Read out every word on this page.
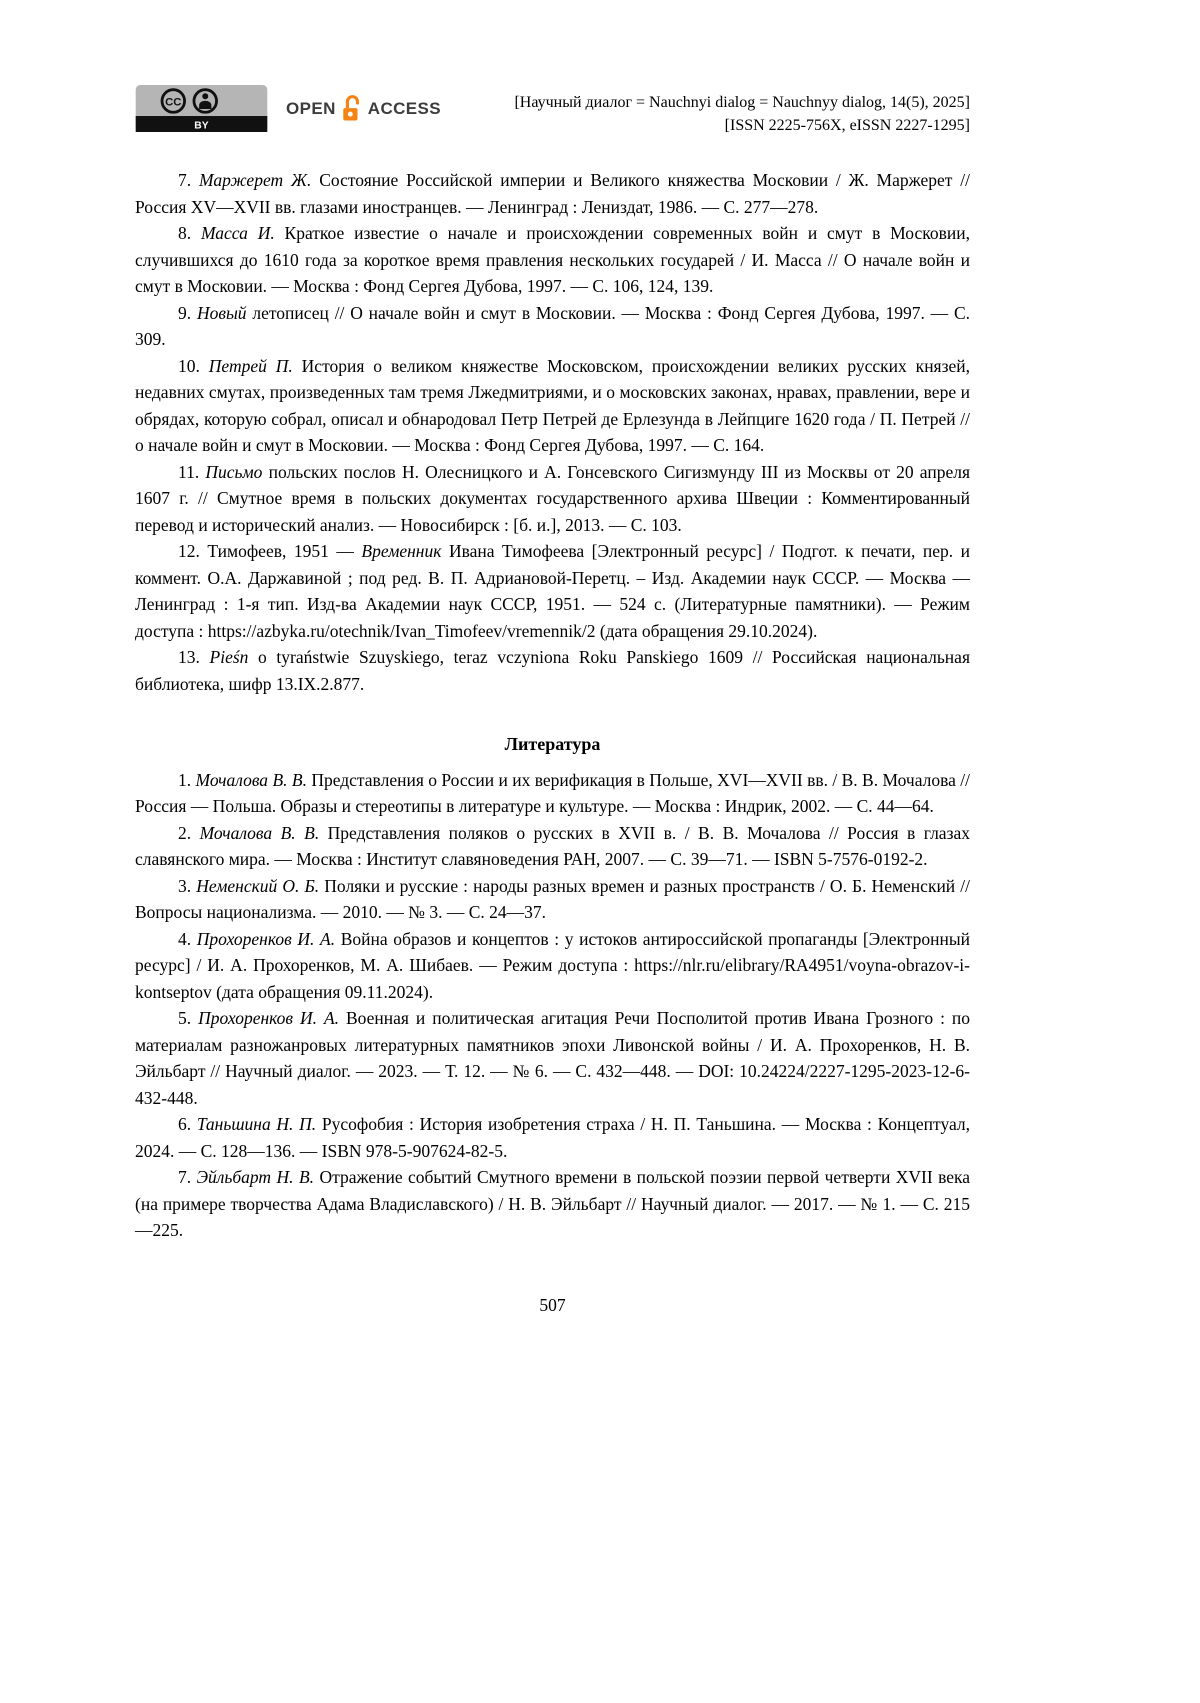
CC
BY
OPEN ACCESS	[Научный диалог = Nauchnyi dialog = Nauchnyy dialog, 14(5), 2025]
[ISSN 2225-756X, eISSN 2227-1295]

7. Маржерет Ж. Состояние Российской империи и Великого княжества Московии / Ж. Маржерет // Россия XV—XVII вв. глазами иностранцев. — Ленинград : Лениздат, 1986. — С. 277—278.

8. Масса И. Краткое известие о начале и происхождении современных войн и смут в Московии, случившихся до 1610 года за короткое время правления нескольких государей / И. Масса // О начале войн и смут в Московии. — Москва : Фонд Сергея Дубова, 1997. — С. 106, 124, 139.

9. Новый летописец // О начале войн и смут в Московии. — Москва : Фонд Сергея Дубова, 1997. — С. 309.

10. Петрей П. История о великом княжестве Московском, происхождении великих русских князей, недавних смутах, произведенных там тремя Лжедмитриями, и о московских законах, нравах, правлении, вере и обрядах, которую собрал, описал и обнародовал Петр Петрей де Ерлезунда в Лейпциге 1620 года / П. Петрей // о начале войн и смут в Московии. — Москва : Фонд Сергея Дубова, 1997. — С. 164.

11. Письмо польских послов Н. Олесницкого и А. Гонсевского Сигизмунду III из Москвы от 20 апреля 1607 г. // Смутное время в польских документах государственного архива Швеции : Комментированный перевод и исторический анализ. — Новосибирск : [б. и.], 2013. — С. 103.

12. Тимофеев, 1951 — Временник Ивана Тимофеева [Электронный ресурс] / Подгот. к печати, пер. и коммент. О.А. Даржавиной ; под ред. В. П. Адриановой-Перетц. – Изд. Академии наук СССР. — Москва — Ленинград : 1-я тип. Изд-ва Академии наук СССР, 1951. — 524 с. (Литературные памятники). — Режим доступа : https://azbyka.ru/otechnik/Ivan_Timofeev/vremennik/2 (дата обращения 29.10.2024).

13. Pieśn o tyraństwie Szuyskiego, teraz vczyniona Roku Panskiego 1609 // Российская национальная библиотека, шифр 13.IX.2.877.

Литература

1. Мочалова В. В. Представления о России и их верификация в Польше, XVI—XVII вв. / В. В. Мочалова // Россия — Польша. Образы и стереотипы в литературе и культуре. — Москва : Индрик, 2002. — С. 44—64.

2. Мочалова В. В. Представления поляков о русских в XVII в. / В. В. Мочалова // Россия в глазах славянского мира. — Москва : Институт славяноведения РАН, 2007. — С. 39—71. — ISBN 5-7576-0192-2.

3. Неменский О. Б. Поляки и русские : народы разных времен и разных пространств / О. Б. Неменский // Вопросы национализма. — 2010. — № 3. — С. 24—37.

4. Прохоренков И. А. Война образов и концептов : у истоков антироссийской пропаганды [Электронный ресурс] / И. А. Прохоренков, М. А. Шибаев. — Режим доступа : https://nlr.ru/elibrary/RA4951/voyna-obrazov-i-kontseptov (дата обращения 09.11.2024).

5. Прохоренков И. А. Военная и политическая агитация Речи Посполитой против Ивана Грозного : по материалам разножанровых литературных памятников эпохи Ливонской войны / И. А. Прохоренков, Н. В. Эйльбарт // Научный диалог. — 2023. — Т. 12. — № 6. — С. 432—448. — DOI: 10.24224/2227-1295-2023-12-6-432-448.

6. Таньшина Н. П. Русофобия : История изобретения страха / Н. П. Таньшина. — Москва : Концептуал, 2024. — С. 128—136. — ISBN 978-5-907624-82-5.

7. Эйльбарт Н. В. Отражение событий Смутного времени в польской поэзии первой четверти XVII века (на примере творчества Адама Владиславского) / Н. В. Эйльбарт // Научный диалог. — 2017. — № 1. — С. 215—225.

507
